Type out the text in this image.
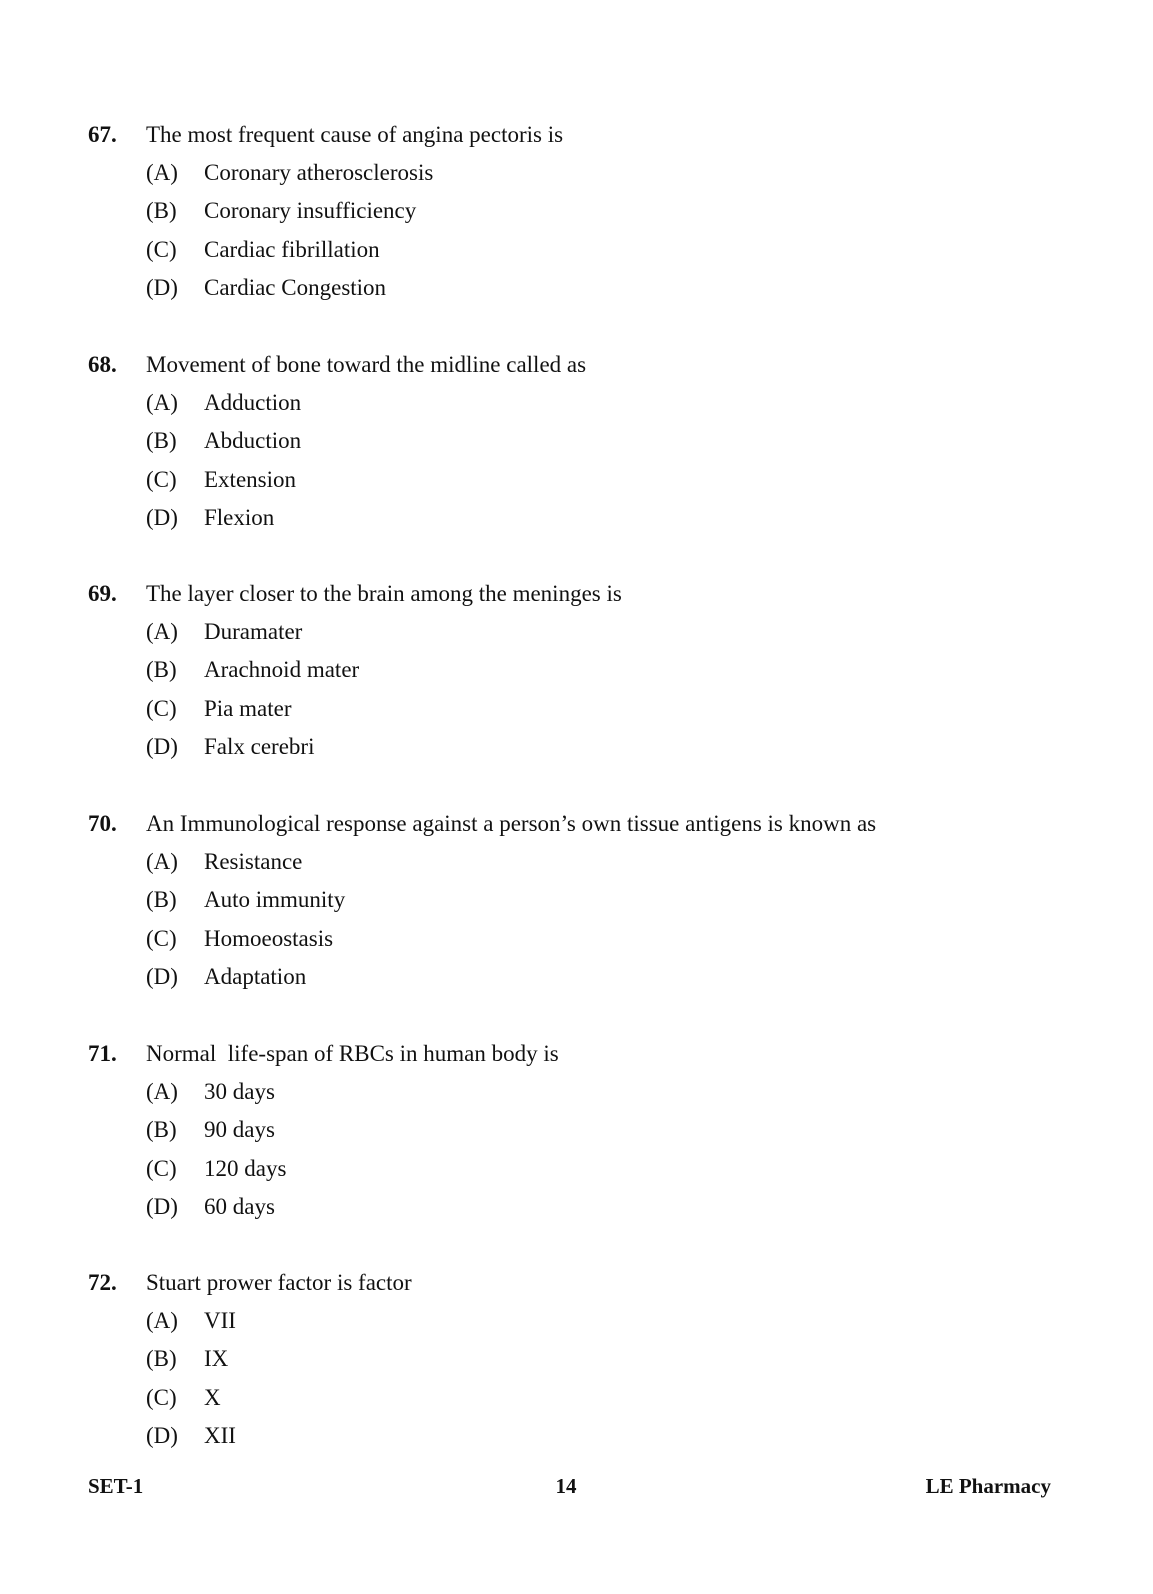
67. The most frequent cause of angina pectoris is
(A) Coronary atherosclerosis
(B) Coronary insufficiency
(C) Cardiac fibrillation
(D) Cardiac Congestion
68. Movement of bone toward the midline called as
(A) Adduction
(B) Abduction
(C) Extension
(D) Flexion
69. The layer closer to the brain among the meninges is
(A) Duramater
(B) Arachnoid mater
(C) Pia mater
(D) Falx cerebri
70. An Immunological response against a person’s own tissue antigens is known as
(A) Resistance
(B) Auto immunity
(C) Homoeostasis
(D) Adaptation
71. Normal  life-span of RBCs in human body is
(A) 30 days
(B) 90 days
(C) 120 days
(D) 60 days
72. Stuart prower factor is factor
(A) VII
(B) IX
(C) X
(D) XII
SET-1	14	LE Pharmacy
